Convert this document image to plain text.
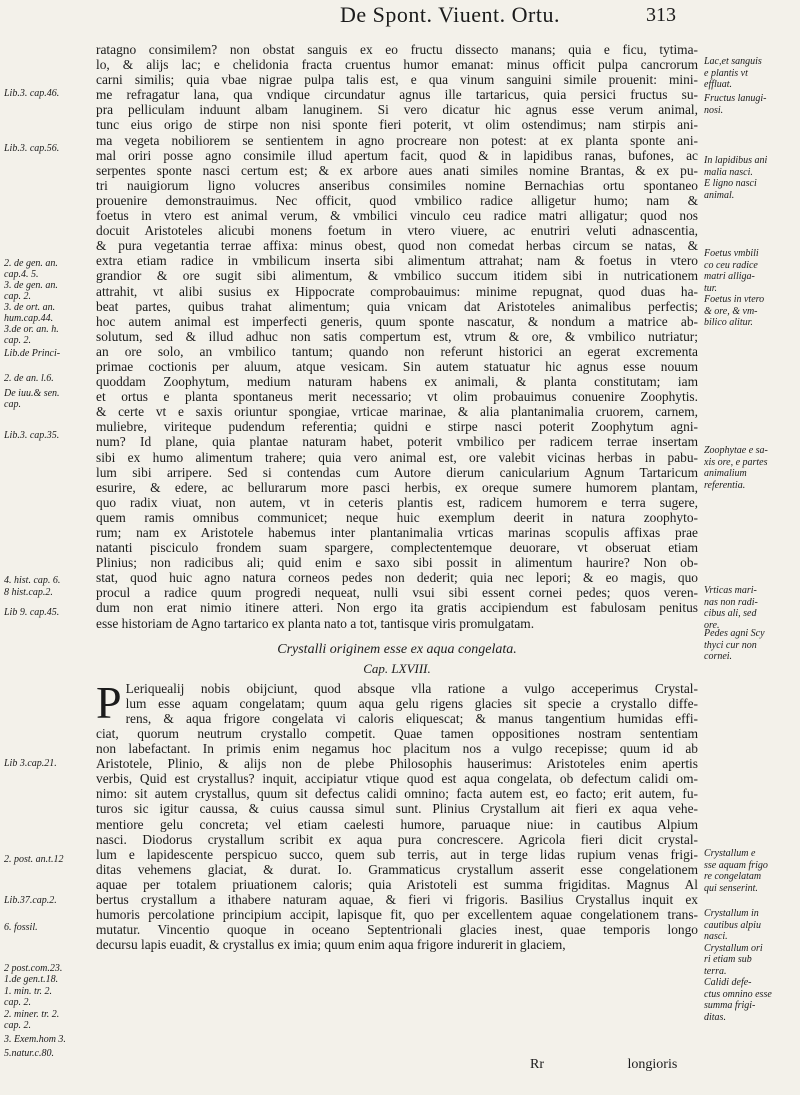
De Spont. Viuent. Ortu.	313
Lib.3. cap.46.
Lib.3. cap.56.
2. de gen. an.
cap.4. 5.
3. de gen. an.
cap. 2.
3. de ort. an.
hum.cap.44.
3.de or. an. h.
cap. 2.
Lib.de Princi-
2. de an. l.6.
De iuu.& sen.
cap.
Lib.3. cap.35.
4. hist. cap. 6.
8 hist.cap.2.
Lib 9. cap.45.
Lib 3.cap.21.
2. post. an.t.12
Lib.37.cap.2.
6. fossil.
2 post.com.23.
1.de gen.t.18.
1. min. tr. 2.
cap. 2.
2. miner. tr. 2.
cap. 2.
3. Exem.hom 3.
5.natur.c.80.
Lac,et sanguis
e plantis vt
effluat.
Fructus lanugi-
nosi.
In lapidibus ani
malia nasci.
E ligno nasci
animal.
Foetus vmbili
co ceu radice
matri alliga-
tur.
Foetus in vtero
& ore, & vm-
bilico alitur.
Zoophytae e sa-
xis ore, e partes
animalium
referentia.
Vrticas mari-
nas non radi-
cibus ali, sed
ore.
Pedes agni Scy
thyci cur non
cornei.
Crystallum e
sse aquam frigo
re congelatam
qui senserint.
Crystallum in
cautibus alpiu
nasci.
Crystallum ori
ri etiam sub
terra.
Calidi defe-
ctus omnino esse
summa frigi-
ditas.
ratagno consimilem? non obstat sanguis ex eo fructu dissecto manans; quia e ficu, tytima-
lo, & alijs lac; e chelidonia fracta cruentus humor emanat: minus officit pulpa cancrorum
carni similis; quia vbae nigrae pulpa talis est, e qua vinum sanguini simile prouenit: mini-
me refragatur lana, qua vndique circundatur agnus ille tartaricus, quia persici fructus su-
pra pelliculam induunt albam lanuginem. Si vero dicatur hic agnus esse verum animal,
tunc eius origo de stirpe non nisi sponte fieri poterit, vt olim ostendimus; nam stirpis ani-
ma vegeta nobiliorem se sentientem in agno procreare non potest: at ex planta sponte ani-
mal oriri posse agno consimile illud apertum facit, quod & in lapidibus ranas, bufones, ac
serpentes sponte nasci certum est; & ex arbore aues anati similes nomine Brantas, & ex pu-
tri nauigiorum ligno volucres anseribus consimiles nomine Bernachias ortu spontaneo
prouenire demonstrauimus. Nec officit, quod vmbilico radice alligetur humo; nam &
foetus in vtero est animal verum, & vmbilici vinculo ceu radice matri alligatur; quod nos
docuit Aristoteles alicubi monens foetum in vtero viuere, ac enutriri veluti adnascentia,
& pura vegetantia terrae affixa: minus obest, quod non comedat herbas circum se natas, &
extra etiam radice in vmbilicum inserta sibi alimentum attrahat; nam & foetus in vtero
grandior & ore sugit sibi alimentum, & vmbilico succum itidem sibi in nutricationem
attrahit, vt alibi susius ex Hippocrate comprobauimus: minime repugnat, quod duas ha-
beat partes, quibus trahat alimentum; quia vnicam dat Aristoteles animalibus perfectis;
hoc autem animal est imperfecti generis, quum sponte nascatur, & nondum a matrice ab-
solutum, sed & illud adhuc non satis compertum est, vtrum & ore, & vmbilico nutriatur;
an ore solo, an vmbilico tantum; quando non referunt historici an egerat excrementa
primae coctionis per aluum, atque vesicam. Sin autem statuatur hic agnus esse nouum
quoddam Zoophytum, medium naturam habens ex animali, & planta constitutam; iam
et ortus e planta spontaneus merit necessario; vt olim probauimus conuenire Zoophytis.
& certe vt e saxis oriuntur spongiae, vrticae marinae, & alia plantanimalia cruorem, carnem,
muliebre, viriteque pudendum referentia; quidni e stirpe nasci poterit Zoophytum agni-
num? Id plane, quia plantae naturam habet, poterit vmbilico per radicem terrae insertam
sibi ex humo alimentum trahere; quia vero animal est, ore valebit vicinas herbas in pabu-
lum sibi arripere. Sed si contendas cum Autore dierum canicularium Agnum Tartaricum
esurire, & edere, ac bellurarum more pasci herbis, ex oreque sumere humorem plantam,
quo radix viuat, non autem, vt in ceteris plantis est, radicem humorem e terra sugere,
quem ramis omnibus communicet; neque huic exemplum deerit in natura zoophyto-
rum; nam ex Aristotele habemus inter plantanimalia vrticas marinas scopulis affixas prae
natanti pisciculo frondem suam spargere, complectentemque deuorare, vt obseruat etiam
Plinius; non radicibus ali; quid enim e saxo sibi possit in alimentum haurire? Non ob-
stat, quod huic agno natura corneos pedes non dederit; quia nec lepori; & eo magis, quo
procul a radice quum progredi nequeat, nulli vsui sibi essent cornei pedes; quos veren-
dum non erat nimio itinere atteri. Non ergo ita gratis accipiendum est fabulosam penitus
esse historiam de Agno tartarico ex planta nato a tot, tantisque viris promulgatam.
Crystalli originem esse ex aqua congelata.
Cap. LXVIII.
P Leriquealij nobis obijciunt, quod absque vlla ratione a vulgo acceperimus Crystal-
lum esse aquam congelatam; quum aqua gelu rigens glacies sit specie a crystallo diffe-
rens, & aqua frigore congelata vi caloris eliquescat; & manus tangentium humidas effi-
ciat, quorum neutrum crystallo competit. Quae tamen oppositiones nostram sententiam
non labefactant. In primis enim negamus hoc placitum nos a vulgo recepisse; quum id ab
Aristotele, Plinio, & alijs non de plebe Philosophis hauserimus: Aristoteles enim apertis
verbis, Quid est crystallus? inquit, accipiatur vtique quod est aqua congelata, ob defectum calidi om-
nimo: sit autem crystallus, quum sit defectus calidi omnino; facta autem est, eo facto; erit autem, fu-
turos sic igitur caussa, & cuius caussa simul sunt. Plinius Crystallum ait fieri ex aqua vehe-
mentiore gelu concreta; vel etiam caelesti humore, paruaque niue: in cautibus Alpium
nasci. Diodorus crystallum scribit ex aqua pura concrescere. Agricola fieri dicit crystal-
lum e lapidescente perspicuo succo, quem sub terris, aut in terge lidas rupium venas frigi-
ditas vehemens glaciat, & durat. Io. Grammaticus crystallum asserit esse congelationem
aquae per totalem priuationem caloris; quia Aristoteli est summa frigiditas. Magnus Al
bertus crystallum a ithabere naturam aquae, & fieri vi frigoris. Basilius Crystallus inquit ex
humoris percolatione principium accipit, lapisque fit, quo per excellentem aquae congelationem trans-
mutatur. Vincentio quoque in oceano Septentrionali glacies inest, quae temporis longo
decursu lapis euadit, & crystallus ex imia; quum enim aqua frigore indurerit in glaciem,
Rr	longioris
